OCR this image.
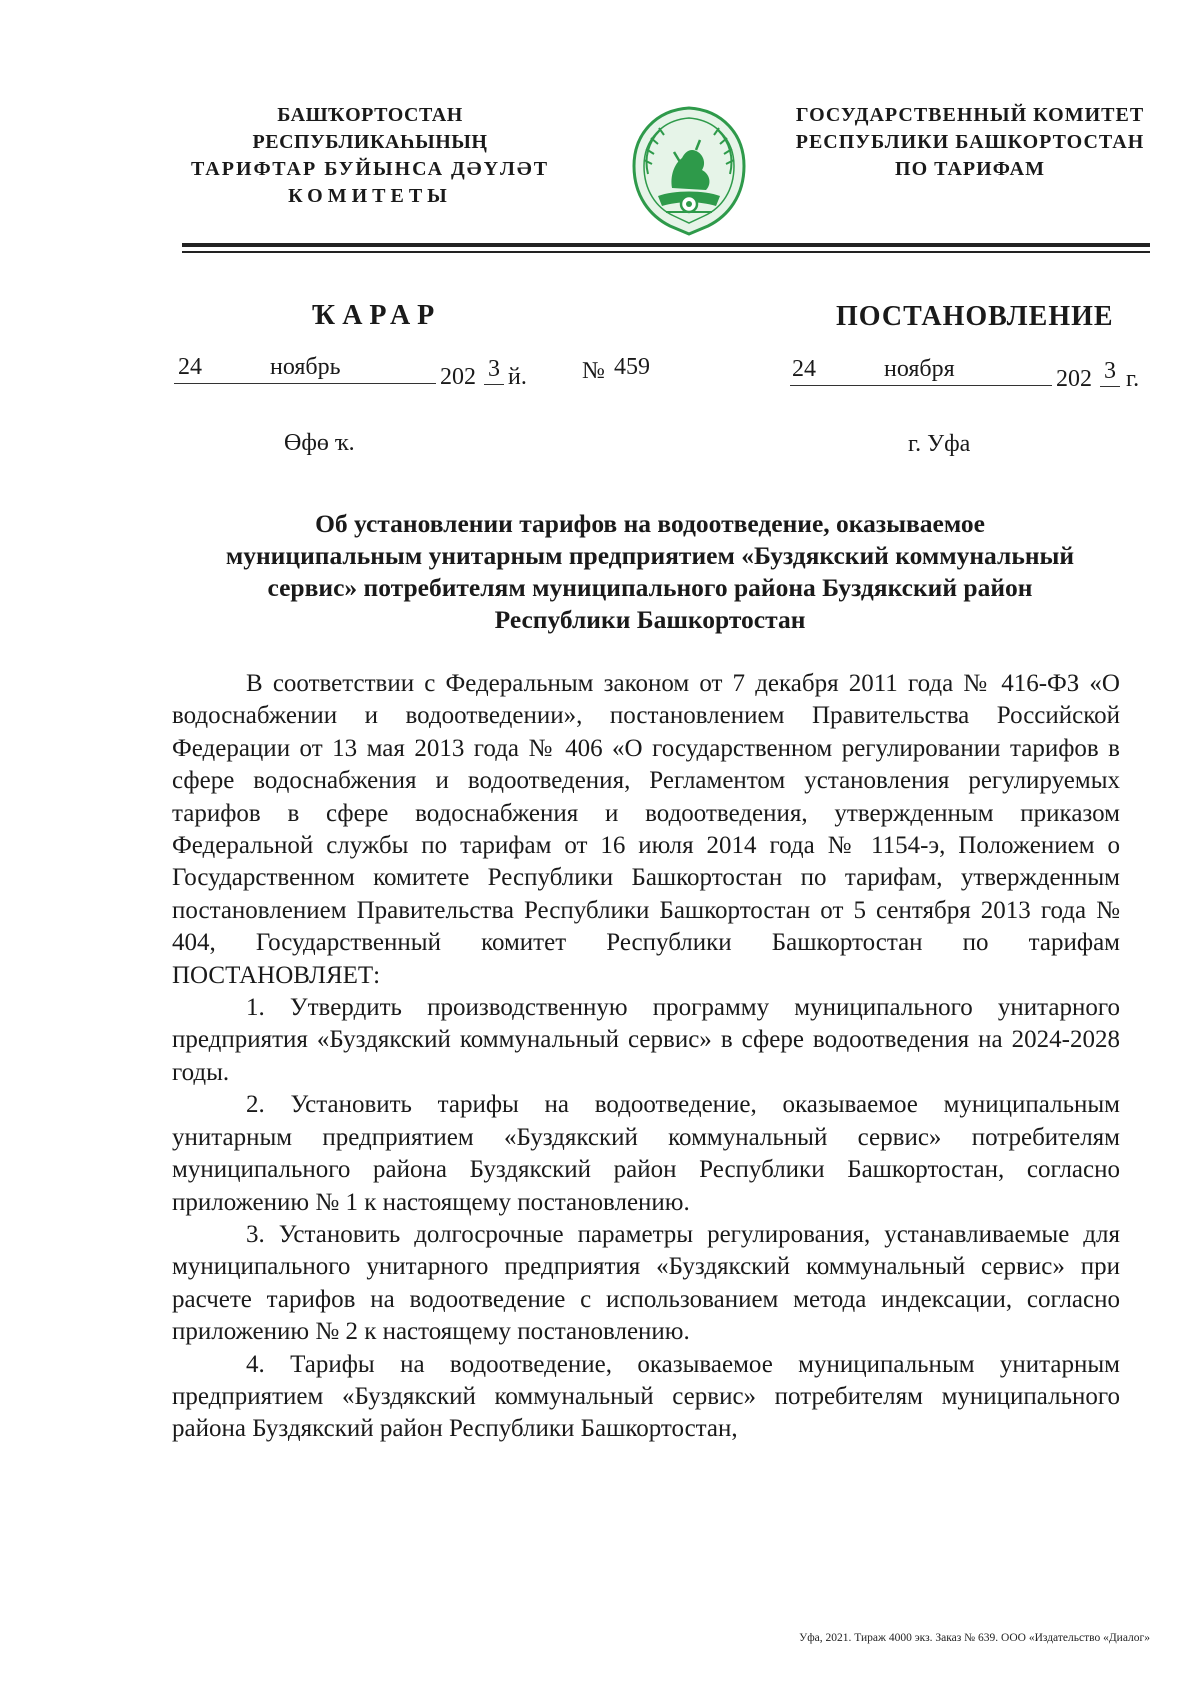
БАШҠОРТОСТАН РЕСПУБЛИКАҺЫНЫҢ
ТАРИФТАР БУЙЫНСА ДӘҮЛӘТ
КОМИТЕТЫ
ГОСУДАРСТВЕННЫЙ КОМИТЕТ
РЕСПУБЛИКИ БАШКОРТОСТАН
ПО ТАРИФАМ
ҠАРАР	ПОСТАНОВЛЕНИЕ
24	ноябрь	202 3 й. № 459	24	ноября	202 3 г.
Өфө ҡ.	г. Уфа
Об установлении тарифов на водоотведение, оказываемое
муниципальным унитарным предприятием «Буздякский коммунальный
сервис» потребителям муниципального района Буздякский район
Республики Башкортостан

В соответствии с Федеральным законом от 7 декабря 2011 года № 416-ФЗ «О водоснабжении и водоотведении», постановлением Правительства Российской Федерации от 13 мая 2013 года № 406 «О государственном регулировании тарифов в сфере водоснабжения и водоотведения, Регламентом установления регулируемых тарифов в сфере водоснабжения и водоотведения, утвержденным приказом Федеральной службы по тарифам от 16 июля 2014 года № 1154-э, Положением о Государственном комитете Республики Башкортостан по тарифам, утвержденным постановлением Правительства Республики Башкортостан от 5 сентября 2013 года № 404, Государственный комитет Республики Башкортостан по тарифам ПОСТАНОВЛЯЕТ:

1. Утвердить производственную программу муниципального унитарного предприятия «Буздякский коммунальный сервис» в сфере водоотведения на 2024-2028 годы.

2. Установить тарифы на водоотведение, оказываемое муниципальным унитарным предприятием «Буздякский коммунальный сервис» потребителям муниципального района Буздякский район Республики Башкортостан, согласно приложению № 1 к настоящему постановлению.

3. Установить долгосрочные параметры регулирования, устанавливаемые для муниципального унитарного предприятия «Буздякский коммунальный сервис» при расчете тарифов на водоотведение с использованием метода индексации, согласно приложению № 2 к настоящему постановлению.

4. Тарифы на водоотведение, оказываемое муниципальным унитарным предприятием «Буздякский коммунальный сервис» потребителям муниципального района Буздякский район Республики Башкортостан,

Уфа, 2021. Тираж 4000 экз. Заказ № 639. ООО «Издательство «Диалог»
